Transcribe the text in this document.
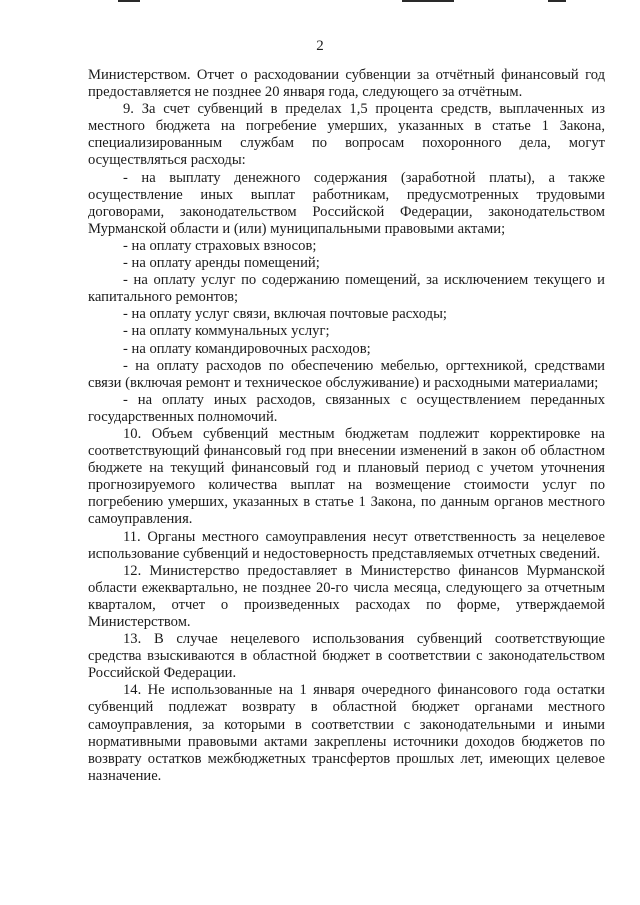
2

Министерством. Отчет о расходовании субвенции за отчётный финансовый год предоставляется не позднее 20 января года, следующего за отчётным.

9. За счет субвенций в пределах 1,5 процента средств, выплаченных из местного бюджета на погребение умерших, указанных в статье 1 Закона, специализированным службам по вопросам похоронного дела, могут осуществляться расходы:

- на выплату денежного содержания (заработной платы), а также осуществление иных выплат работникам, предусмотренных трудовыми договорами, законодательством Российской Федерации, законодательством Мурманской области и (или) муниципальными правовыми актами;

- на оплату страховых взносов;

- на оплату аренды помещений;

- на оплату услуг по содержанию помещений, за исключением текущего и капитального ремонтов;

- на оплату услуг связи, включая почтовые расходы;

- на оплату коммунальных услуг;

- на оплату командировочных расходов;

- на оплату расходов по обеспечению мебелью, оргтехникой, средствами связи (включая ремонт и техническое обслуживание) и расходными материалами;

- на оплату иных расходов, связанных с осуществлением переданных государственных полномочий.

10. Объем субвенций местным бюджетам подлежит корректировке на соответствующий финансовый год при внесении изменений в закон об областном бюджете на текущий финансовый год и плановый период с учетом уточнения прогнозируемого количества выплат на возмещение стоимости услуг по погребению умерших, указанных в статье 1 Закона, по данным органов местного самоуправления.

11. Органы местного самоуправления несут ответственность за нецелевое использование субвенций и недостоверность представляемых отчетных сведений.

12. Министерство предоставляет в Министерство финансов Мурманской области ежеквартально, не позднее 20-го числа месяца, следующего за отчетным кварталом, отчет о произведенных расходах по форме, утверждаемой Министерством.

13. В случае нецелевого использования субвенций соответствующие средства взыскиваются в областной бюджет в соответствии с законодательством Российской Федерации.

14. Не использованные на 1 января очередного финансового года остатки субвенций подлежат возврату в областной бюджет органами местного самоуправления, за которыми в соответствии с законодательными и иными нормативными правовыми актами закреплены источники доходов бюджетов по возврату остатков межбюджетных трансфертов прошлых лет, имеющих целевое назначение.
